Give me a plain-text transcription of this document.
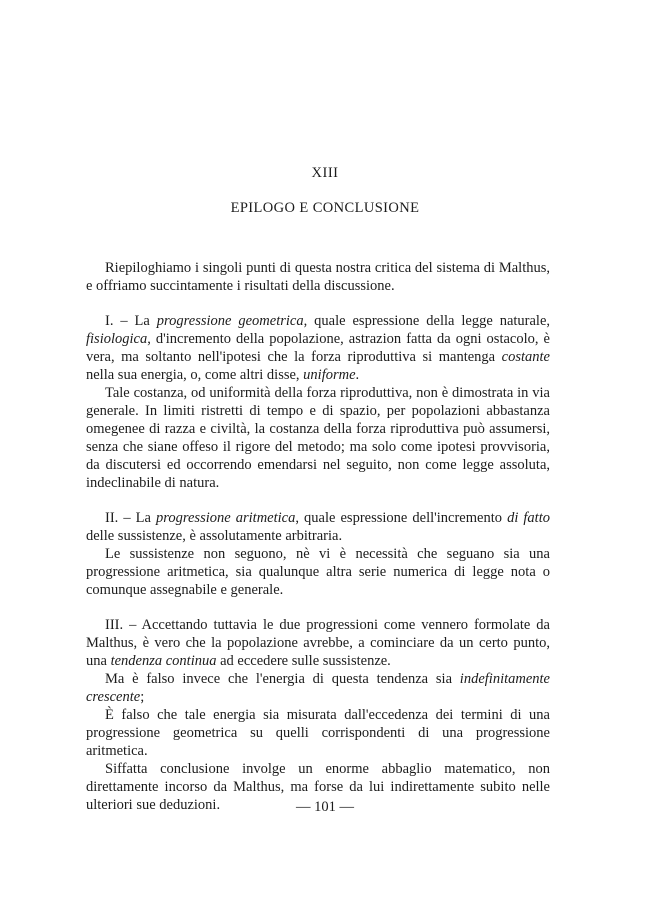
XIII
EPILOGO E CONCLUSIONE

Riepiloghiamo i singoli punti di questa nostra critica del sistema di Malthus, e offriamo succintamente i risultati della discussione.

I. – La progressione geometrica, quale espressione della legge naturale, fisiologica, d'incremento della popolazione, astrazion fatta da ogni ostacolo, è vera, ma soltanto nell'ipotesi che la forza riproduttiva si mantenga costante nella sua energia, o, come altri disse, uniforme.

Tale costanza, od uniformità della forza riproduttiva, non è dimostrata in via generale. In limiti ristretti di tempo e di spazio, per popolazioni abbastanza omegenee di razza e civiltà, la costanza della forza riproduttiva può assumersi, senza che siane offeso il rigore del metodo; ma solo come ipotesi provvisoria, da discutersi ed occorrendo emendarsi nel seguito, non come legge assoluta, indeclinabile di natura.

II. – La progressione aritmetica, quale espressione dell'incremento di fatto delle sussistenze, è assolutamente arbitraria.

Le sussistenze non seguono, nè vi è necessità che seguano sia una progressione aritmetica, sia qualunque altra serie numerica di legge nota o comunque assegnabile e generale.

III. – Accettando tuttavia le due progressioni come vennero formolate da Malthus, è vero che la popolazione avrebbe, a cominciare da un certo punto, una tendenza continua ad eccedere sulle sussistenze.

Ma è falso invece che l'energia di questa tendenza sia indefinitamente crescente;

È falso che tale energia sia misurata dall'eccedenza dei termini di una progressione geometrica su quelli corrispondenti di una progressione aritmetica.

Siffatta conclusione involge un enorme abbaglio matematico, non direttamente incorso da Malthus, ma forse da lui indirettamente subito nelle ulteriori sue deduzioni.	— 101 —
